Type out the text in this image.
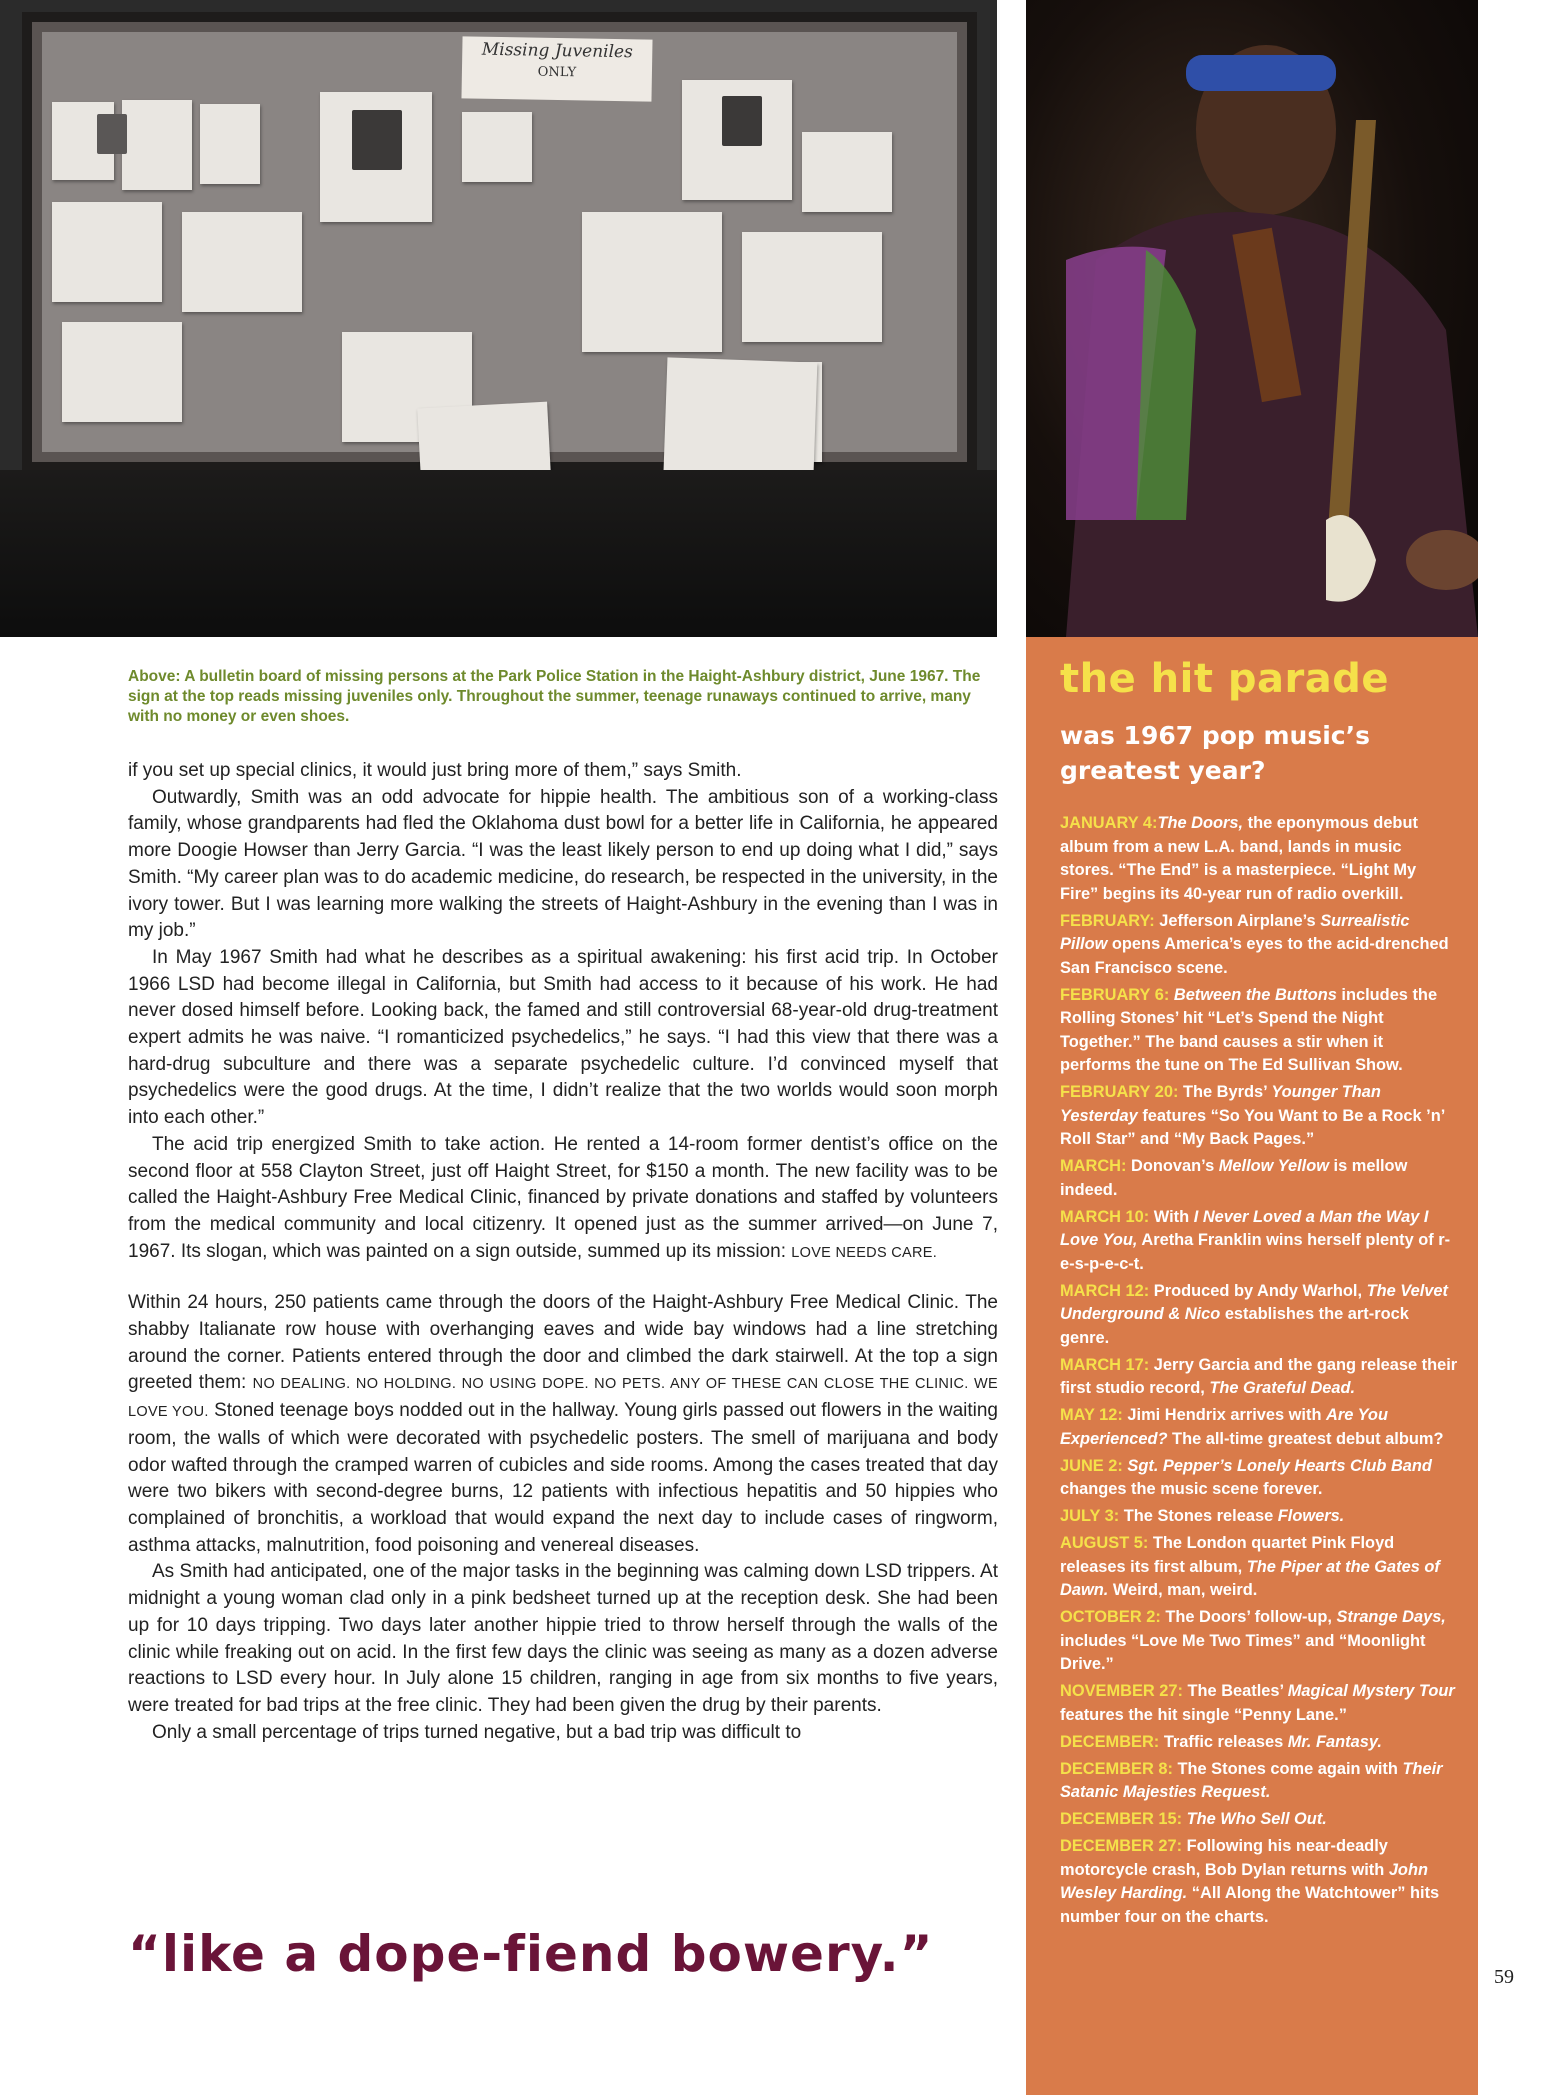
Missing Juveniles
ONLY
Above: A bulletin board of missing persons at the Park Police Station in the Haight-Ashbury district, June 1967. The sign at the top reads missing juveniles only. Throughout the summer, teenage runaways continued to arrive, many with no money or even shoes.

if you set up special clinics, it would just bring more of them,” says Smith.

Outwardly, Smith was an odd advocate for hippie health. The ambitious son of a working-class family, whose grandparents had fled the Oklahoma dust bowl for a better life in California, he appeared more Doogie Howser than Jerry Garcia. “I was the least likely person to end up doing what I did,” says Smith. “My career plan was to do academic medicine, do research, be respected in the university, in the ivory tower. But I was learning more walking the streets of Haight-Ashbury in the evening than I was in my job.”

In May 1967 Smith had what he describes as a spiritual awakening: his first acid trip. In October 1966 LSD had become illegal in California, but Smith had access to it because of his work. He had never dosed himself before. Looking back, the famed and still controversial 68-year-old drug-treatment expert admits he was naive. “I romanticized psychedelics,” he says. “I had this view that there was a hard-drug subculture and there was a separate psychedelic culture. I’d convinced myself that psychedelics were the good drugs. At the time, I didn’t realize that the two worlds would soon morph into each other.”

The acid trip energized Smith to take action. He rented a 14-room former dentist’s office on the second floor at 558 Clayton Street, just off Haight Street, for $150 a month. The new facility was to be called the Haight-Ashbury Free Medical Clinic, financed by private donations and staffed by volunteers from the medical community and local citizenry. It opened just as the summer arrived—on June 7, 1967. Its slogan, which was painted on a sign outside, summed up its mission: LOVE NEEDS CARE.

Within 24 hours, 250 patients came through the doors of the Haight-Ashbury Free Medical Clinic. The shabby Italianate row house with overhanging eaves and wide bay windows had a line stretching around the corner. Patients entered through the door and climbed the dark stairwell. At the top a sign greeted them: NO DEALING. NO HOLDING. NO USING DOPE. NO PETS. ANY OF THESE CAN CLOSE THE CLINIC. WE LOVE YOU. Stoned teenage boys nodded out in the hallway. Young girls passed out flowers in the waiting room, the walls of which were decorated with psychedelic posters. The smell of marijuana and body odor wafted through the cramped warren of cubicles and side rooms. Among the cases treated that day were two bikers with second-degree burns, 12 patients with infectious hepatitis and 50 hippies who complained of bronchitis, a workload that would expand the next day to include cases of ringworm, asthma attacks, malnutrition, food poisoning and venereal diseases.

As Smith had anticipated, one of the major tasks in the beginning was calming down LSD trippers. At midnight a young woman clad only in a pink bedsheet turned up at the reception desk. She had been up for 10 days tripping. Two days later another hippie tried to throw herself through the walls of the clinic while freaking out on acid. In the first few days the clinic was seeing as many as a dozen adverse reactions to LSD every hour. In July alone 15 children, ranging in age from six months to five years, were treated for bad trips at the free clinic. They had been given the drug by their parents.

Only a small percentage of trips turned negative, but a bad trip was difficult to

“like a dope-fiend bowery.”
the hit parade
was 1967 pop music’s greatest year?
JANUARY 4:The Doors, the eponymous debut album from a new L.A. band, lands in music stores. “The End” is a masterpiece. “Light My Fire” begins its 40-year run of radio overkill.
FEBRUARY: Jefferson Airplane’s Surrealistic Pillow opens America’s eyes to the acid-drenched San Francisco scene.
FEBRUARY 6: Between the Buttons includes the Rolling Stones’ hit “Let’s Spend the Night Together.” The band causes a stir when it performs the tune on The Ed Sullivan Show.
FEBRUARY 20: The Byrds’ Younger Than Yesterday features “So You Want to Be a Rock ’n’ Roll Star” and “My Back Pages.”
MARCH: Donovan’s Mellow Yellow is mellow indeed.
MARCH 10: With I Never Loved a Man the Way I Love You, Aretha Franklin wins herself plenty of r-e-s-p-e-c-t.
MARCH 12: Produced by Andy Warhol, The Velvet Underground & Nico establishes the art-rock genre.
MARCH 17: Jerry Garcia and the gang release their first studio record, The Grateful Dead.
MAY 12: Jimi Hendrix arrives with Are You Experienced? The all-time greatest debut album?
JUNE 2: Sgt. Pepper’s Lonely Hearts Club Band changes the music scene forever.
JULY 3: The Stones release Flowers.
AUGUST 5: The London quartet Pink Floyd releases its first album, The Piper at the Gates of Dawn. Weird, man, weird.
OCTOBER 2: The Doors’ follow-up, Strange Days, includes “Love Me Two Times” and “Moonlight Drive.”
NOVEMBER 27: The Beatles’ Magical Mystery Tour features the hit single “Penny Lane.”
DECEMBER: Traffic releases Mr. Fantasy.
DECEMBER 8: The Stones come again with Their Satanic Majesties Request.
DECEMBER 15: The Who Sell Out.
DECEMBER 27: Following his near-deadly motorcycle crash, Bob Dylan returns with John Wesley Harding. “All Along the Watchtower” hits number four on the charts.
59
